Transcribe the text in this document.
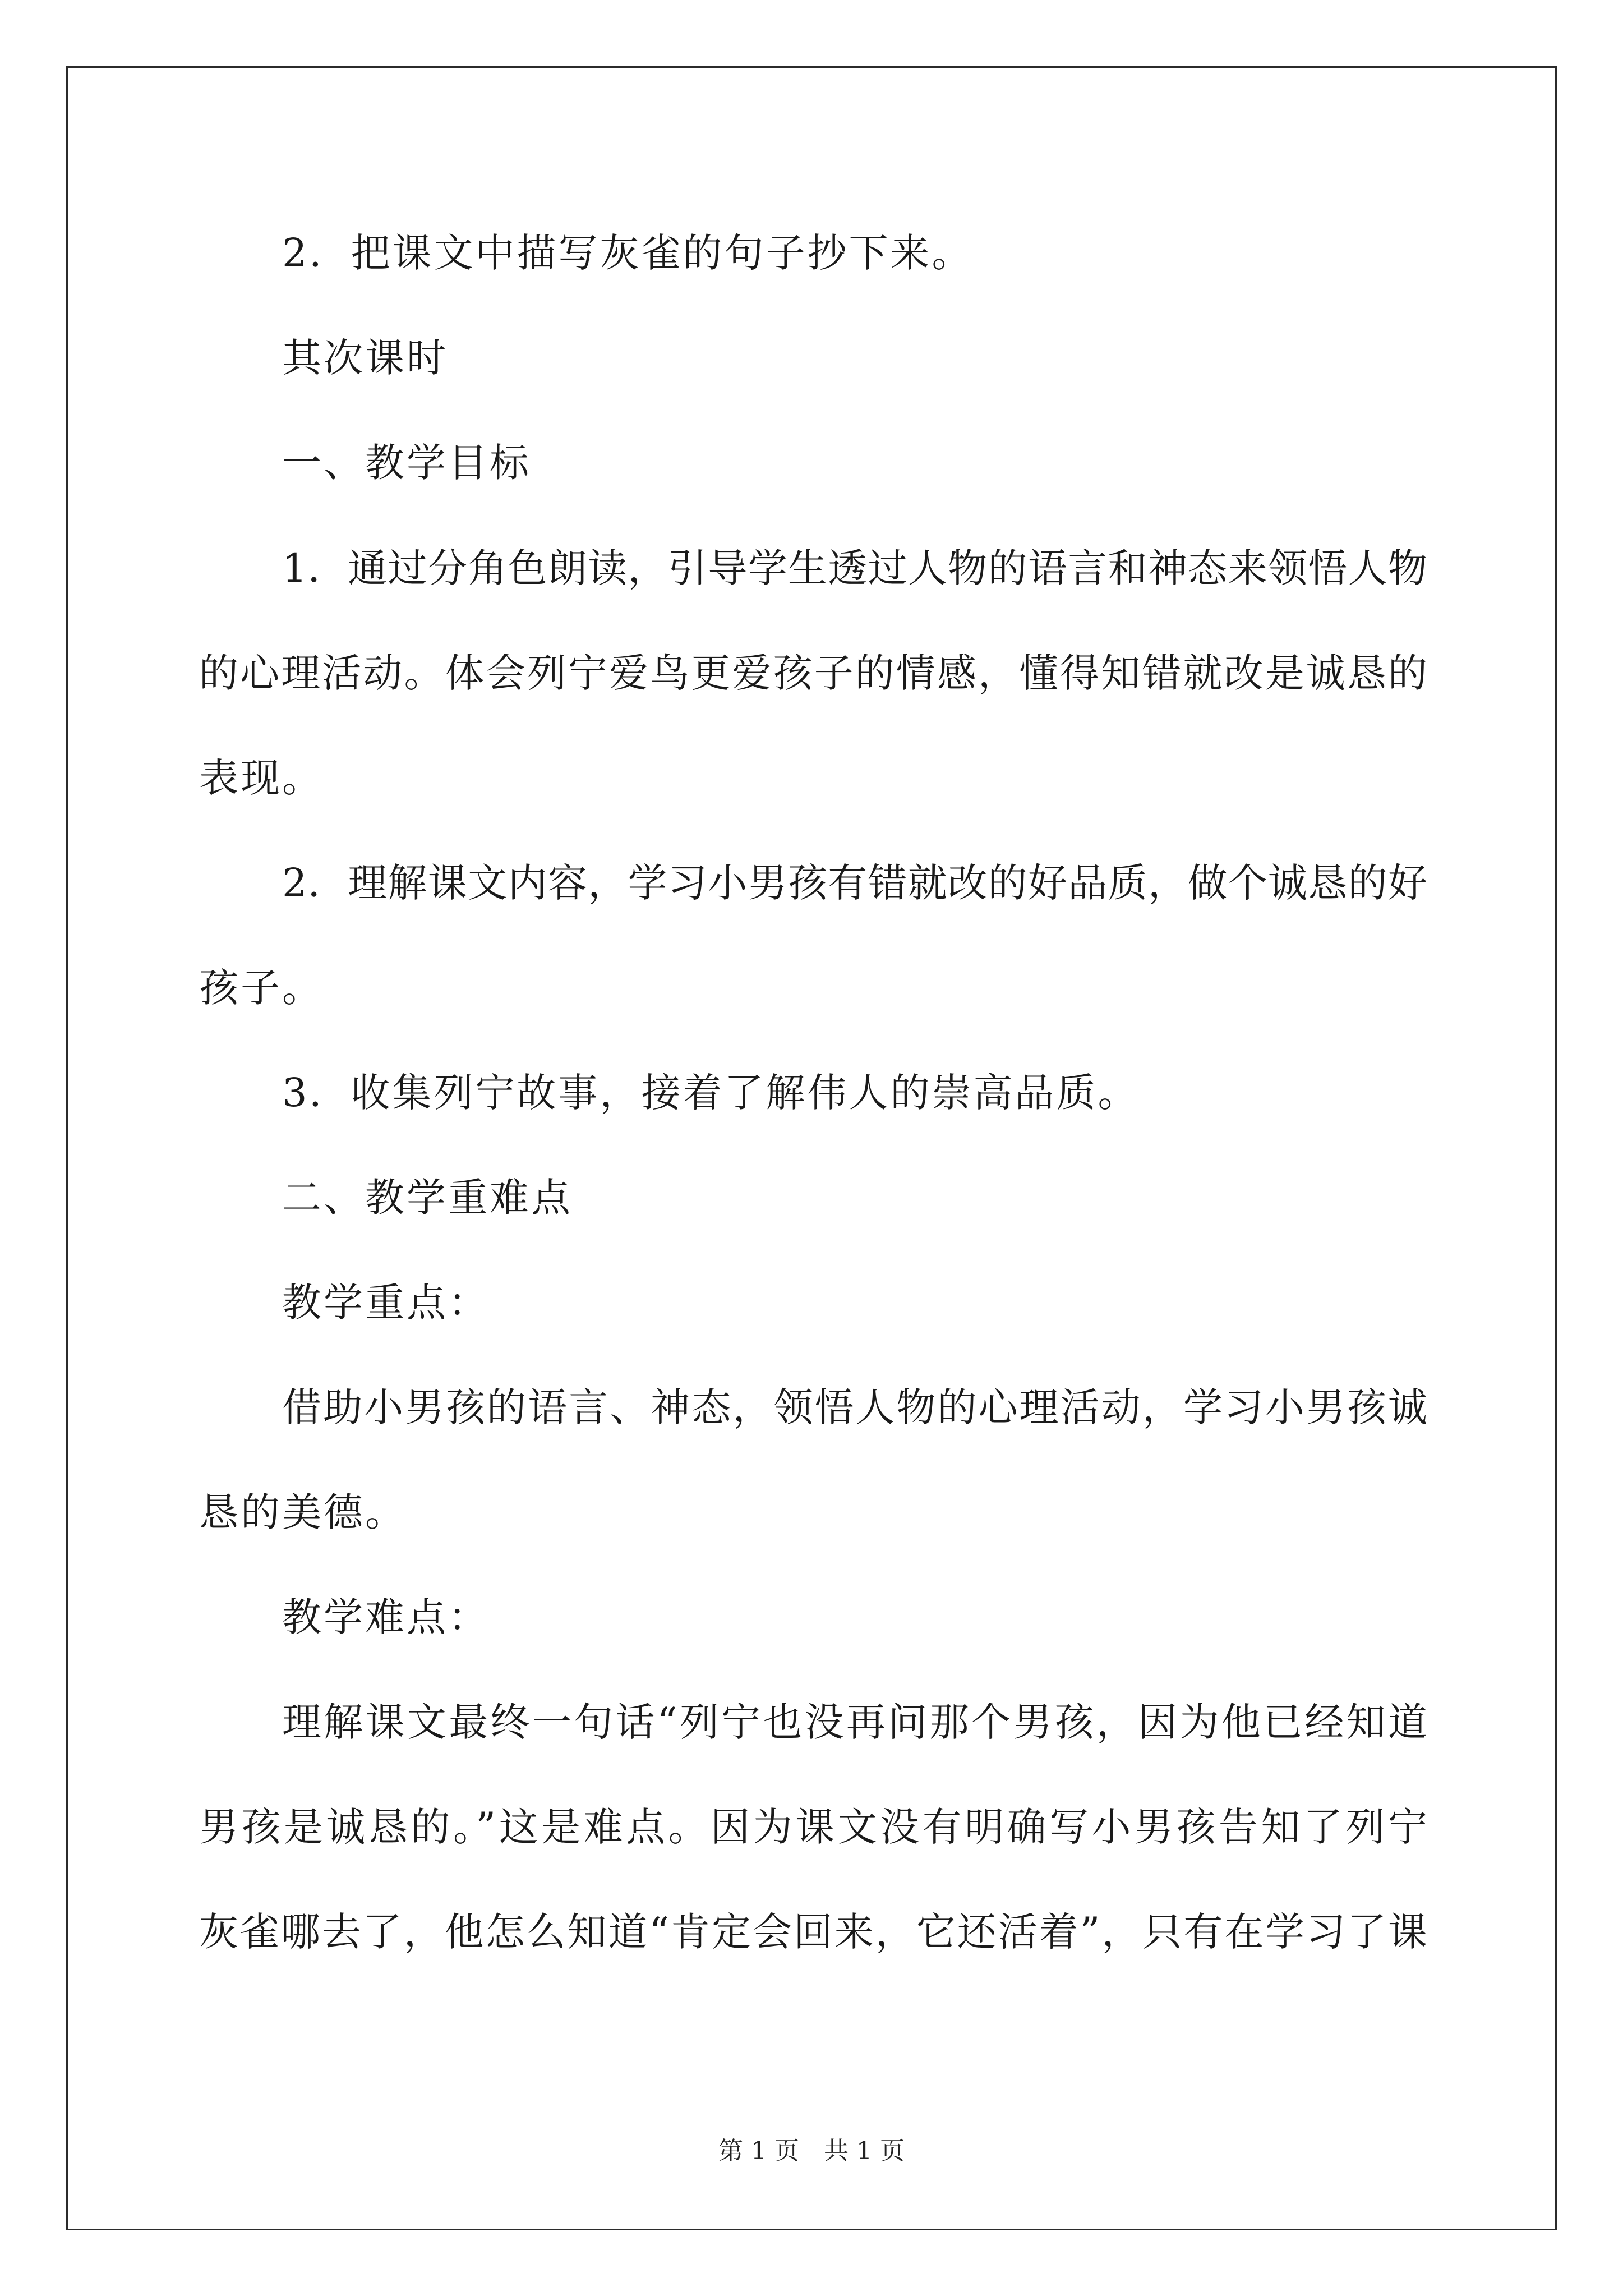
2．把课文中描写灰雀的句子抄下来。
其次课时
一、教学目标
1．通过分角色朗读，引导学生透过人物的语言和神态来领悟人物
的心理活动。体会列宁爱鸟更爱孩子的情感，懂得知错就改是诚恳的
表现。
2．理解课文内容，学习小男孩有错就改的好品质，做个诚恳的好
孩子。
3．收集列宁故事，接着了解伟人的崇高品质。
二、教学重难点
教学重点：
借助小男孩的语言、神态，领悟人物的心理活动，学习小男孩诚
恳的美德。
教学难点：
理解课文最终一句话“列宁也没再问那个男孩，因为他已经知道
男孩是诚恳的。”这是难点。因为课文没有明确写小男孩告知了列宁
灰雀哪去了，他怎么知道“肯定会回来，它还活着”，只有在学习了课
第 1 页　共 1 页
